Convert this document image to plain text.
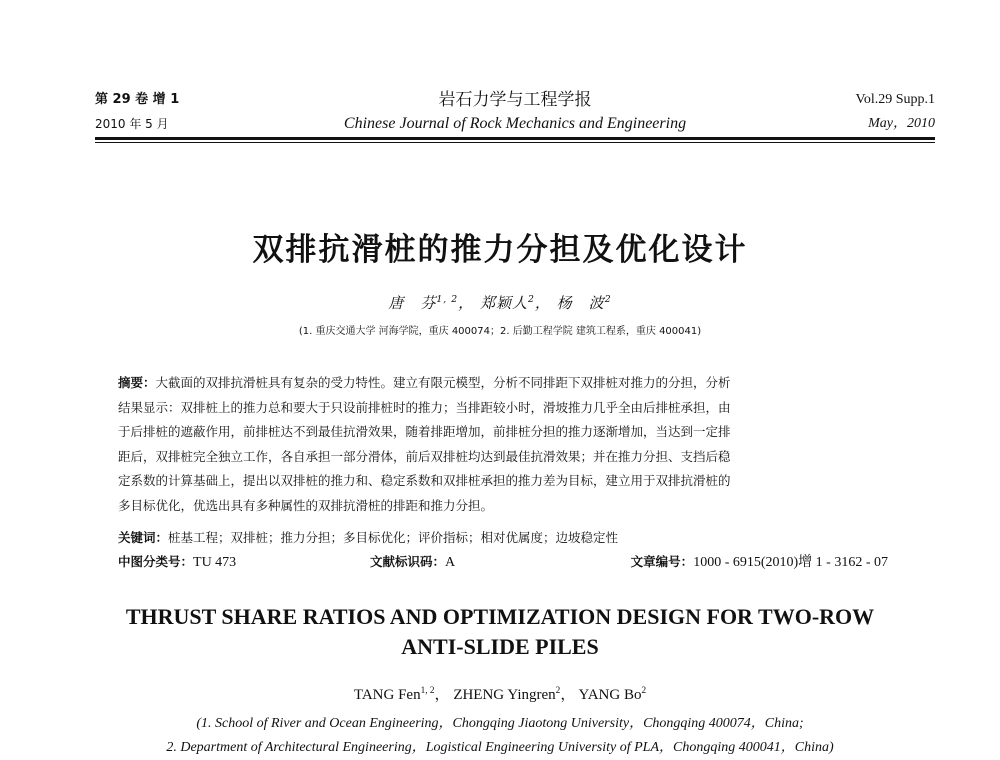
岩石力学与工程学报
Chinese Journal of Rock Mechanics and Engineering
第 29 卷 增 1
2010 年 5 月
Vol.29 Supp.1
May，2010
双排抗滑桩的推力分担及优化设计
唐　芬$^{1, 2}$， 郑颖人$^2$， 杨　波$^2$
(1. 重庆交通大学 河海学院，重庆 400074；2. 后勤工程学院 建筑工程系，重庆 400041)
摘要：大截面的双排抗滑桩具有复杂的受力特性。建立有限元模型，分析不同排距下双排桩对推力的分担，分析
结果显示：双排桩上的推力总和要大于只设前排桩时的推力；当排距较小时，滑坡推力几乎全由后排桩承担，由
于后排桩的遮蔽作用，前排桩达不到最佳抗滑效果，随着排距增加，前排桩分担的推力逐渐增加，当达到一定排
距后，双排桩完全独立工作，各自承担一部分滑体，前后双排桩均达到最佳抗滑效果；并在推力分担、支挡后稳
定系数的计算基础上，提出以双排桩的推力和、稳定系数和双排桩承担的推力差为目标，建立用于双排抗滑桩的
多目标优化，优选出具有多种属性的双排抗滑桩的排距和推力分担。
关键词：桩基工程；双排桩；推力分担；多目标优化；评价指标；相对优属度；边坡稳定性
中图分类号：TU 473	文献标识码：A	文章编号：1000 - 6915(2010)增 1 - 3162 - 07
THRUST SHARE RATIOS AND OPTIMIZATION DESIGN FOR TWO-ROW
ANTI-SLIDE PILES
TANG Fen$^{1, 2}$， ZHENG Yingren$^2$， YANG Bo$^2$
(1. School of River and Ocean Engineering，Chongqing Jiaotong University，Chongqing 400074，China;
2. Department of Architectural Engineering，Logistical Engineering University of PLA，Chongqing 400041，China)
